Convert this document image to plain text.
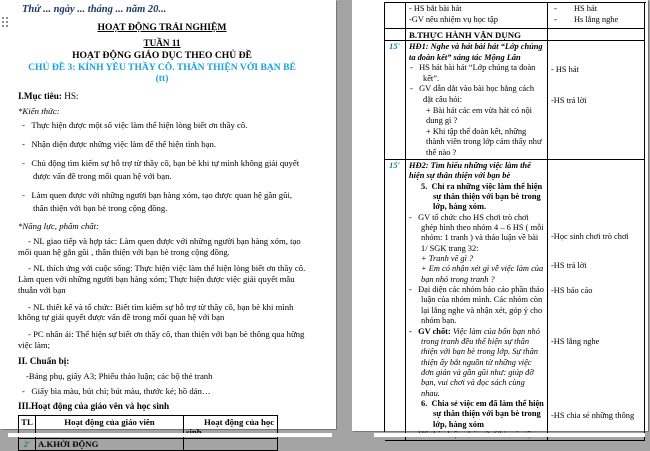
Thứ ... ngày ... tháng ... năm 20...
HOẠT ĐỘNG TRẢI NGHIỆM
TUẦN 11
HOẠT ĐỘNG GIÁO DỤC THEO CHỦ ĐỀ
CHỦ ĐỀ 3: KÍNH YÊU THẦY CÔ. THÂN THIỆN VỚI BẠN BÈ (tt)

I.Mục tiêu: HS:

*Kiến thức:

-   Thực hiện được một số việc làm thể hiện lòng biết ơn thầy cô.

-   Nhận diện được những việc làm để thể hiện tình bạn.

-   Chủ động tìm kiếm sự hỗ trợ từ thầy cô, bạn bè khi tự mình không giải quyết được vấn đề trong mối quan hệ với bạn.

-   Làm quen được với những người bạn hàng xóm, tạo được quan hệ gần gũi, thân thiện với bạn bè trong cộng đồng.

*Năng lực, phẩm chất:

- NL giao tiếp và hợp tác: Làm quen được với những người bạn hàng xóm, tạo mối quan hệ gắn gũi , thân thiện với bạn bè trong cộng đồng.

- NL thích ứng với cuộc sống: Thực hiện việc làm thể hiện lòng biết ơn thầy cô. Làm quen với những người bạn hàng xóm; Thực hiện được việc giải quyết mâu thuẫn với bạn

- NL thiết kế và tổ chức: Biết tìm kiếm sự hỗ trợ từ thầy cô, bạn bè khi mình không tự giải quyết được vấn đề trong mối quan hệ với bạn

- PC nhân ái: Thể hiện sự biết ơn thầy cô, than thiện với bạn bè thông qua hững việc làm;

II. Chuẩn bị:

-Bảng phụ, giấy A3; Phiếu thảo luận; các bộ thẻ tranh

-   Giấy bìa màu, bút chì; bút màu, thước kẻ; hồ dán…

III.Hoạt động của giáo vên và học sinh

TL	Hoạt động của giáo viên	Hoạt động của học
2'	A.KHỞI ĐỘNG	

- HS bắt bài hát

-GV nêu nhiệm vụ học tập

-	HS hát
-	Hs lắng nghe
B.THỰC HÀNH VẬN DỤNG
15'	HĐ1: Nghe và hát bài hát “Lớp chúng ta đoàn kết” sáng tác Mộng Lân

-   HS hát bài hát “Lớp chúng ta đoàn kết”.

-   GV dẫn dắt vào bài học bằng cách đặt câu hỏi:

+ Bài hát các em vừa hát có nội dung gì ?

+ Khi tập thể đoàn kết, những thành viên trong lớp cảm thấy như thế nào ?

- HS hát
-HS trả lời
15'	HĐ2: Tìm hiểu những việc làm thể hiện sự thân thiện với bạn bè

5.  Chỉ ra những việc làm thể hiện sự thân thiện với bạn bè trong lớp, hàng xóm.

-   GV tổ chức cho HS chơi trò chơi ghép hình theo nhóm 4 – 6 HS ( mỗi nhóm: 1 tranh ) và thảo luận về bài 1/ SGK trang 32:

+ Tranh vẽ gì ?

+ Em có nhận xét gì về việc làm của bạn nhỏ trong tranh ?

-   Đại diện các nhóm báo cáo phần thảo luận của nhóm mình. Các nhóm còn lại lắng nghe và nhận xét, góp ý cho nhóm bạn.

-   GV chốt: Việc làm của bốn bạn nhỏ trong tranh đều thể hiện sự thân thiện với bạn bè trong lớp. Sự thân thiện ấy bắt nguồn từ những việc đơn giản và gần gũi như: giúp đỡ bạn, vui chơi và đọc sách cùng nhau.

6.  Chia sẻ việc em đã làm thể hiện sự thân thiện với bạn bè trong lớp, hàng xóm

-Học sinh chơi trò chơi
-HS trả lời
-HS báo cáo
-HS lắng nghe
-HS chia sẻ những thông
